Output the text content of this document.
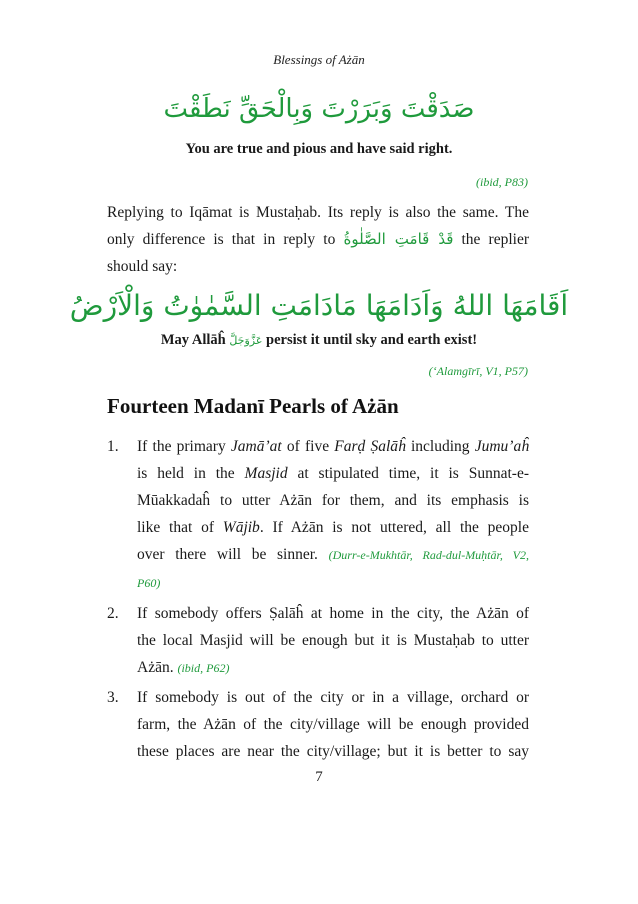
Blessings of Ażān
صَدَقْتَ وَبَرَرْتَ وَبِالْحَقِّ نَطَقْتَ
You are true and pious and have said right.
(ibid, P83)
Replying to Iqāmat is Mustaḥab. Its reply is also the same. The
only difference is that in reply to قَدْ قَامَتِ الصَّلٰوةُ the replier
should say:
اَقَامَهَا اللهُ وَاَدَامَهَا مَادَامَتِ السَّمٰوٰتُ وَالْاَرْضُ
May Allāĥ عَزَّوَجَلَّ persist it until sky and earth exist!
(‘Alamgīrī, V1, P57)
Fourteen Madanī Pearls of Ażān
1.	If the primary Jamā’at of five Farḍ Ṣalāĥ including Jumu’aĥ
is held in the Masjid at stipulated time, it is Sunnat-e-
Mūakkadaĥ to utter Ażān for them, and its emphasis is
like that of Wājib. If Ażān is not uttered, all the people
over there will be sinner. (Durr-e-Mukhtār, Rad-dul-Muḥtār, V2,
P60)
2.	If somebody offers Ṣalāĥ at home in the city, the Ażān of
the local Masjid will be enough but it is Mustaḥab to utter
Ażān. (ibid, P62)
3.	If somebody is out of the city or in a village, orchard or
farm, the Ażān of the city/village will be enough provided
these places are near the city/village; but it is better to say
7
